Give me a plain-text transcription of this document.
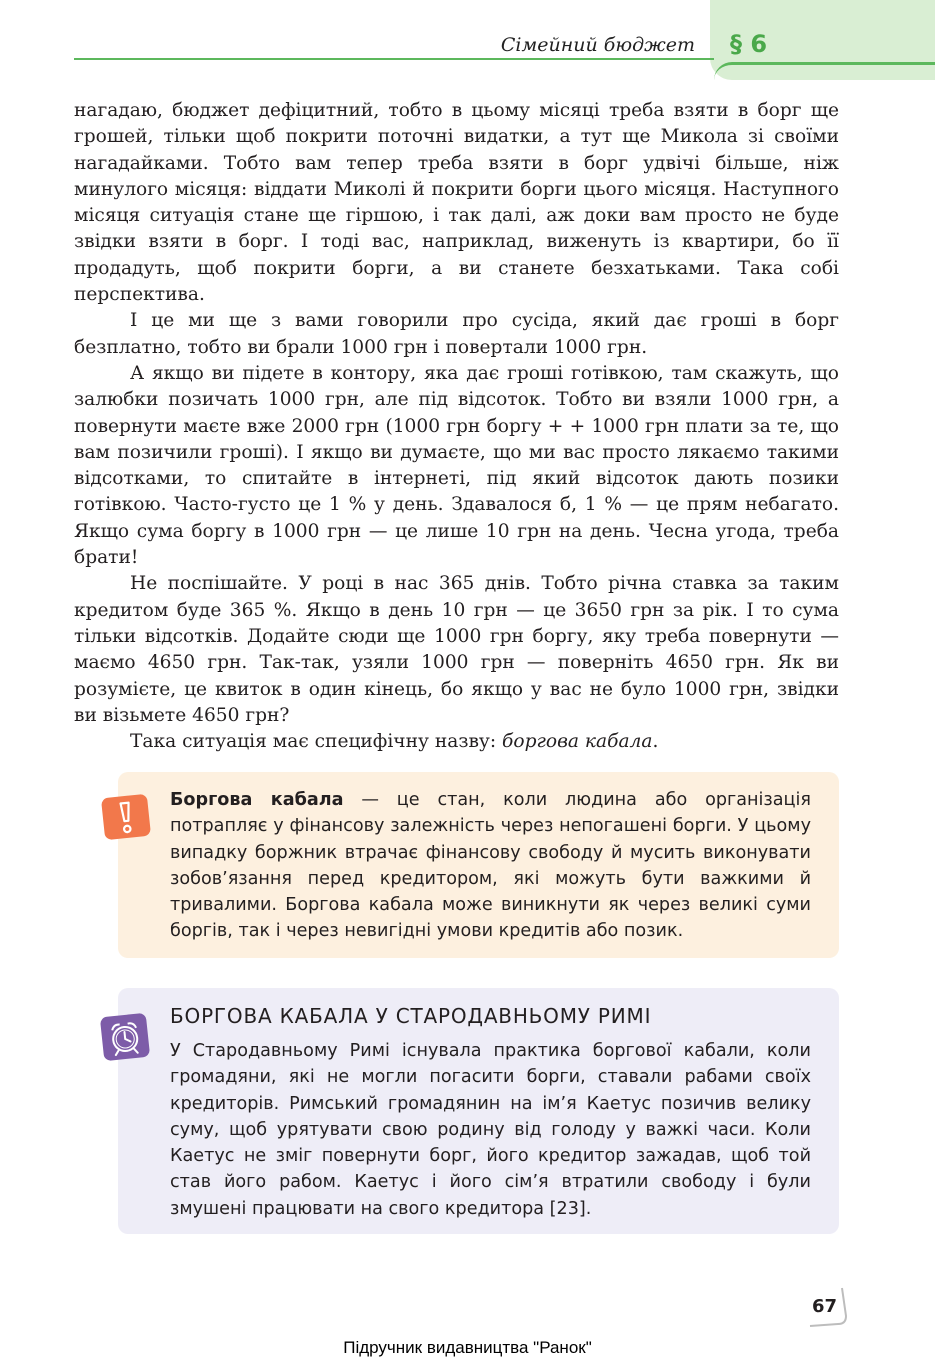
Сімейний бюджет § 6

нагадаю, бюджет дефіцитний, тобто в цьому місяці треба взяти в борг ще грошей, тільки щоб покрити поточні видатки, а тут ще Микола зі своїми нагадайками. Тобто вам тепер треба взяти в борг удвічі більше, ніж минулого місяця: віддати Миколі й покрити борги цього місяця. Наступного місяця ситуація стане ще гіршою, і так далі, аж доки вам просто не буде звідки взяти в борг. І тоді вас, наприклад, виженуть із квартири, бо її продадуть, щоб покрити борги, а ви станете безхатьками. Така собі перспектива.

І це ми ще з вами говорили про сусіда, який дає гроші в борг безплатно, тобто ви брали 1000 грн і повертали 1000 грн.

А якщо ви підете в контору, яка дає гроші готівкою, там скажуть, що залюбки позичать 1000 грн, але під відсоток. Тобто ви взяли 1000 грн, а повернути маєте вже 2000 грн (1000 грн боргу + + 1000 грн плати за те, що вам позичили гроші). І якщо ви думаєте, що ми вас просто лякаємо такими відсотками, то спитайте в інтернеті, під який відсоток дають позики готівкою. Часто-густо це 1 % у день. Здавалося б, 1 % — це прям небагато. Якщо сума боргу в 1000 грн — це лише 10 грн на день. Чесна угода, треба брати!

Не поспішайте. У році в нас 365 днів. Тобто річна ставка за таким кредитом буде 365 %. Якщо в день 10 грн — це 3650 грн за рік. І то сума тільки відсотків. Додайте сюди ще 1000 грн боргу, яку треба повернути — маємо 4650 грн. Так-так, узяли 1000 грн — поверніть 4650 грн. Як ви розумієте, це квиток в один кінець, бо якщо у вас не було 1000 грн, звідки ви візьмете 4650 грн?

Така ситуація має специфічну назву: боргова кабала.

Боргова кабала — це стан, коли людина або організація потрапляє у фінансову залежність через непогашені борги. У цьому випадку боржник втрачає фінансову свободу й мусить виконувати зобов’язання перед кредитором, які можуть бути важкими й тривалими. Боргова кабала може виникнути як через великі суми боргів, так і через невигідні умови кредитів або позик.
БОРГОВА КАБАЛА У СТАРОДАВНЬОМУ РИМІ
У Стародавньому Римі існувала практика боргової кабали, коли громадяни, які не могли погасити борги, ставали рабами своїх кредиторів. Римський громадянин на ім’я Каетус позичив велику суму, щоб урятувати свою родину від голоду у важкі часи. Коли Каетус не зміг повернути борг, його кредитор зажадав, щоб той став його рабом. Каетус і його сім’я втратили свободу і були змушені працювати на свого кредитора [23].
67
Підручник видавництва "Ранок"
